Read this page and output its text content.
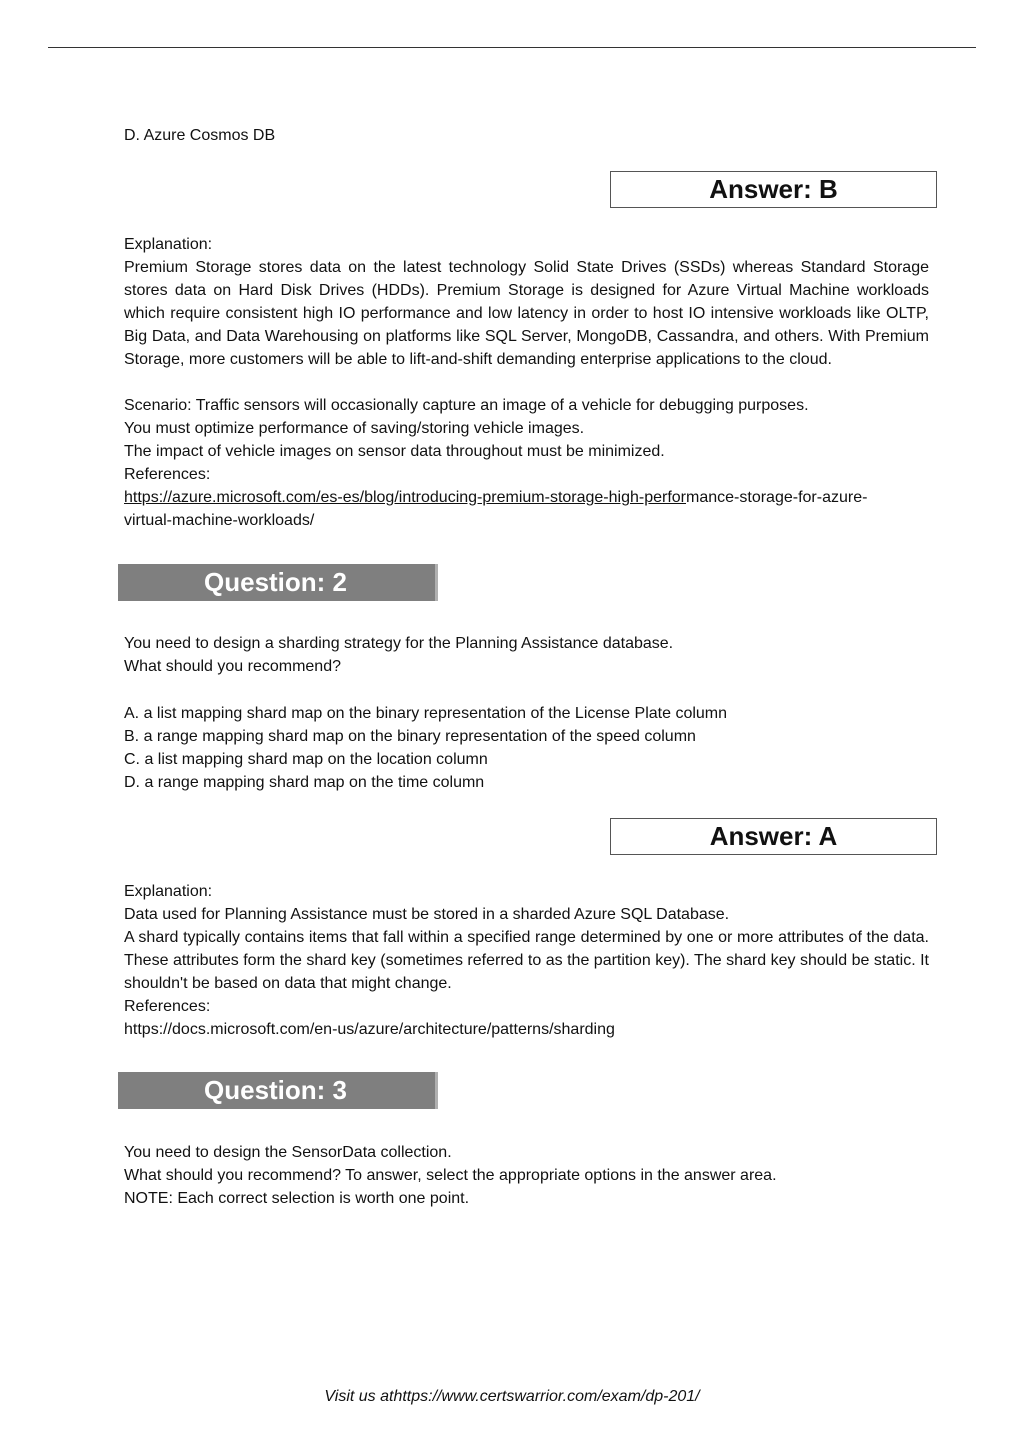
D. Azure Cosmos DB

Answer: B

Explanation:

Premium Storage stores data on the latest technology Solid State Drives (SSDs) whereas Standard Storage stores data on Hard Disk Drives (HDDs). Premium Storage is designed for Azure Virtual Machine workloads which require consistent high IO performance and low latency in order to host IO intensive workloads like OLTP, Big Data, and Data Warehousing on platforms like SQL Server, MongoDB, Cassandra, and others. With Premium Storage, more customers will be able to lift-and-shift demanding enterprise applications to the cloud.

Scenario: Traffic sensors will occasionally capture an image of a vehicle for debugging purposes.

You must optimize performance of saving/storing vehicle images.

The impact of vehicle images on sensor data throughout must be minimized.

References:

https://azure.microsoft.com/es-es/blog/introducing-premium-storage-high-performance-storage-for-azure-virtual-machine-workloads/

Question: 2

You need to design a sharding strategy for the Planning Assistance database.

What should you recommend?

A. a list mapping shard map on the binary representation of the License Plate column

B. a range mapping shard map on the binary representation of the speed column

C. a list mapping shard map on the location column

D. a range mapping shard map on the time column

Answer: A

Explanation:

Data used for Planning Assistance must be stored in a sharded Azure SQL Database.

A shard typically contains items that fall within a specified range determined by one or more attributes of the data. These attributes form the shard key (sometimes referred to as the partition key). The shard key should be static. It shouldn't be based on data that might change.

References:

https://docs.microsoft.com/en-us/azure/architecture/patterns/sharding

Question: 3

You need to design the SensorData collection.

What should you recommend? To answer, select the appropriate options in the answer area.

NOTE: Each correct selection is worth one point.

Visit us athttps://www.certswarrior.com/exam/dp-201/
